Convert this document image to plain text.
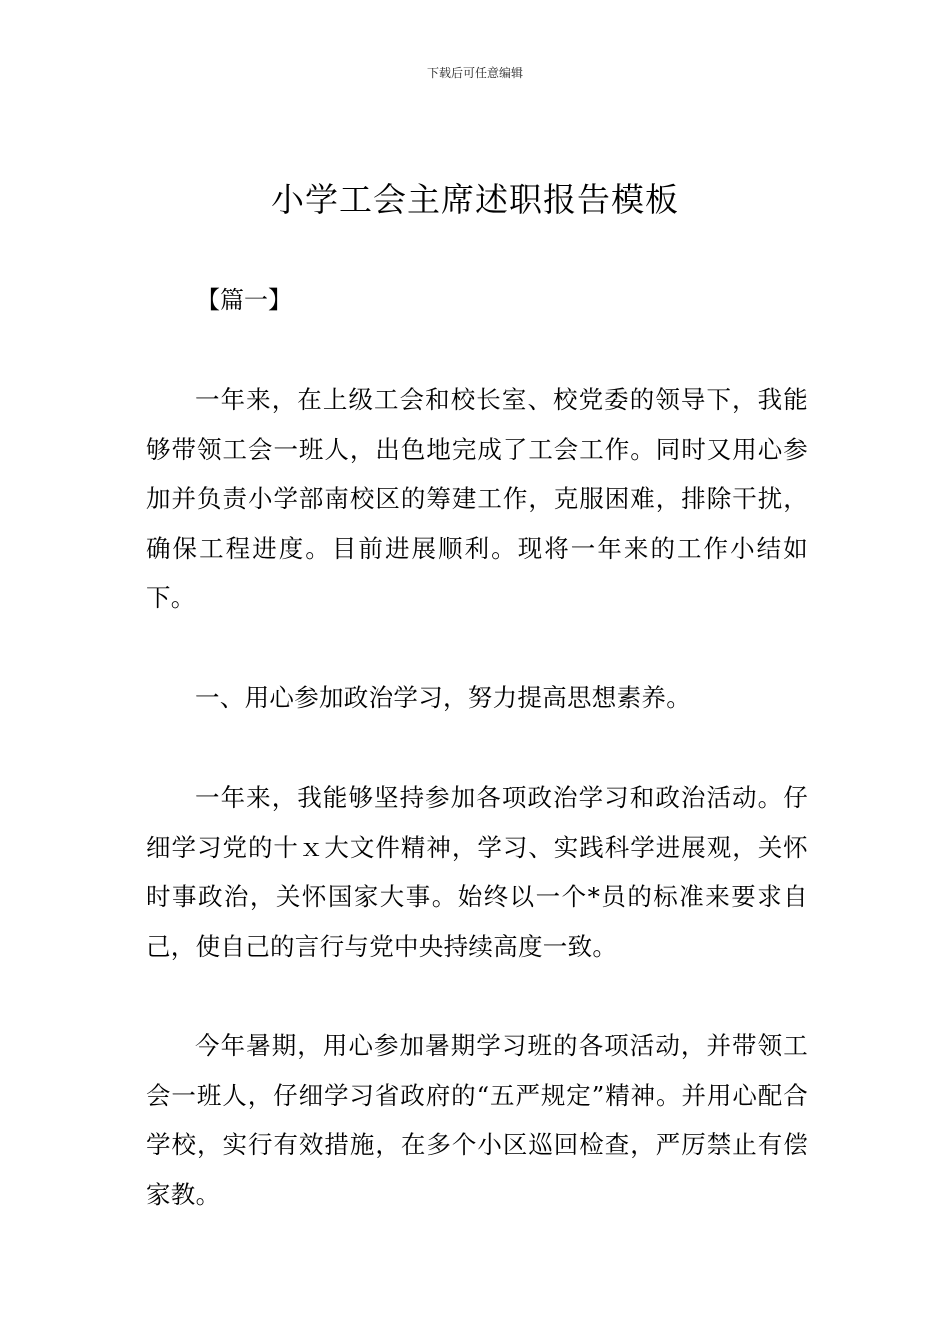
下载后可任意编辑
小学工会主席述职报告模板
【篇一】

一年来，在上级工会和校长室、校党委的领导下，我能够带领工会一班人，出色地完成了工会工作。同时又用心参加并负责小学部南校区的筹建工作，克服困难，排除干扰，确保工程进度。目前进展顺利。现将一年来的工作小结如下。

一、用心参加政治学习，努力提高思想素养。

一年来，我能够坚持参加各项政治学习和政治活动。仔细学习党的十ｘ大文件精神，学习、实践科学进展观，关怀时事政治，关怀国家大事。始终以一个*员的标准来要求自己，使自己的言行与党中央持续高度一致。

今年暑期，用心参加暑期学习班的各项活动，并带领工会一班人，仔细学习省政府的“五严规定”精神。并用心配合学校，实行有效措施，在多个小区巡回检查，严厉禁止有偿家教。
